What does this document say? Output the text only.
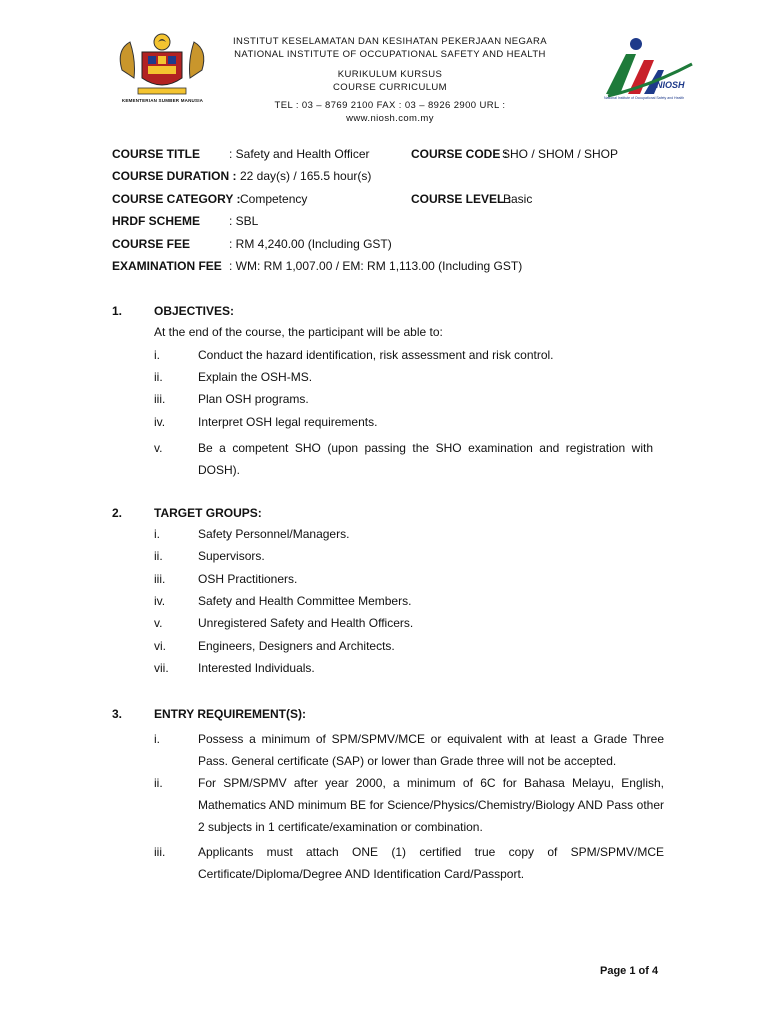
KEMENTERIAN SUMBER MANUSIA
INSTITUT KESELAMATAN DAN KESIHATAN PEKERJAAN NEGARA
NATIONAL INSTITUTE OF OCCUPATIONAL SAFETY AND HEALTH
KURIKULUM KURSUS
COURSE CURRICULUM
TEL : 03 – 8769 2100 FAX : 03 – 8926 2900 URL :
www.niosh.com.my
NIOSH
National Institute of Occupational Safety and Health
COURSE TITLE : Safety and Health Officer	COURSE CODE :
SHO / SHOM / SHOP
COURSE DURATION : 22 day(s) / 165.5 hour(s)
COURSE CATEGORY : Competency	COURSE LEVEL :
Basic
HRDF SCHEME : SBL
COURSE FEE	: RM 4,240.00 (Including GST)
EXAMINATION FEE : WM: RM 1,007.00 / EM: RM 1,113.00 (Including GST)
1.	OBJECTIVES:
At the end of the course, the participant will be able to:
i.	Conduct the hazard identification, risk assessment and risk control.
ii.	Explain the OSH-MS.
iii.	Plan OSH programs.
iv.	Interpret OSH legal requirements.
v.	Be a competent SHO (upon passing the SHO examination and registration with DOSH).
2.	TARGET GROUPS:
i.	Safety Personnel/Managers.
ii.	Supervisors.
iii.	OSH Practitioners.
iv.	Safety and Health Committee Members.
v.	Unregistered Safety and Health Officers.
vi.	Engineers, Designers and Architects.
vii. Interested Individuals.
3.	ENTRY REQUIREMENT(S):
i.	Possess a minimum of SPM/SPMV/MCE or equivalent with at least a Grade Three Pass. General certificate (SAP) or lower than Grade three will not be accepted.
ii.	For SPM/SPMV after year 2000, a minimum of 6C for Bahasa Melayu, English, Mathematics AND minimum BE for Science/Physics/Chemistry/Biology AND Pass other 2 subjects in 1 certificate/examination or combination.
iii.	Applicants must attach ONE (1) certified true copy of SPM/SPMV/MCE Certificate/Diploma/Degree AND Identification Card/Passport.
Page 1 of 4
